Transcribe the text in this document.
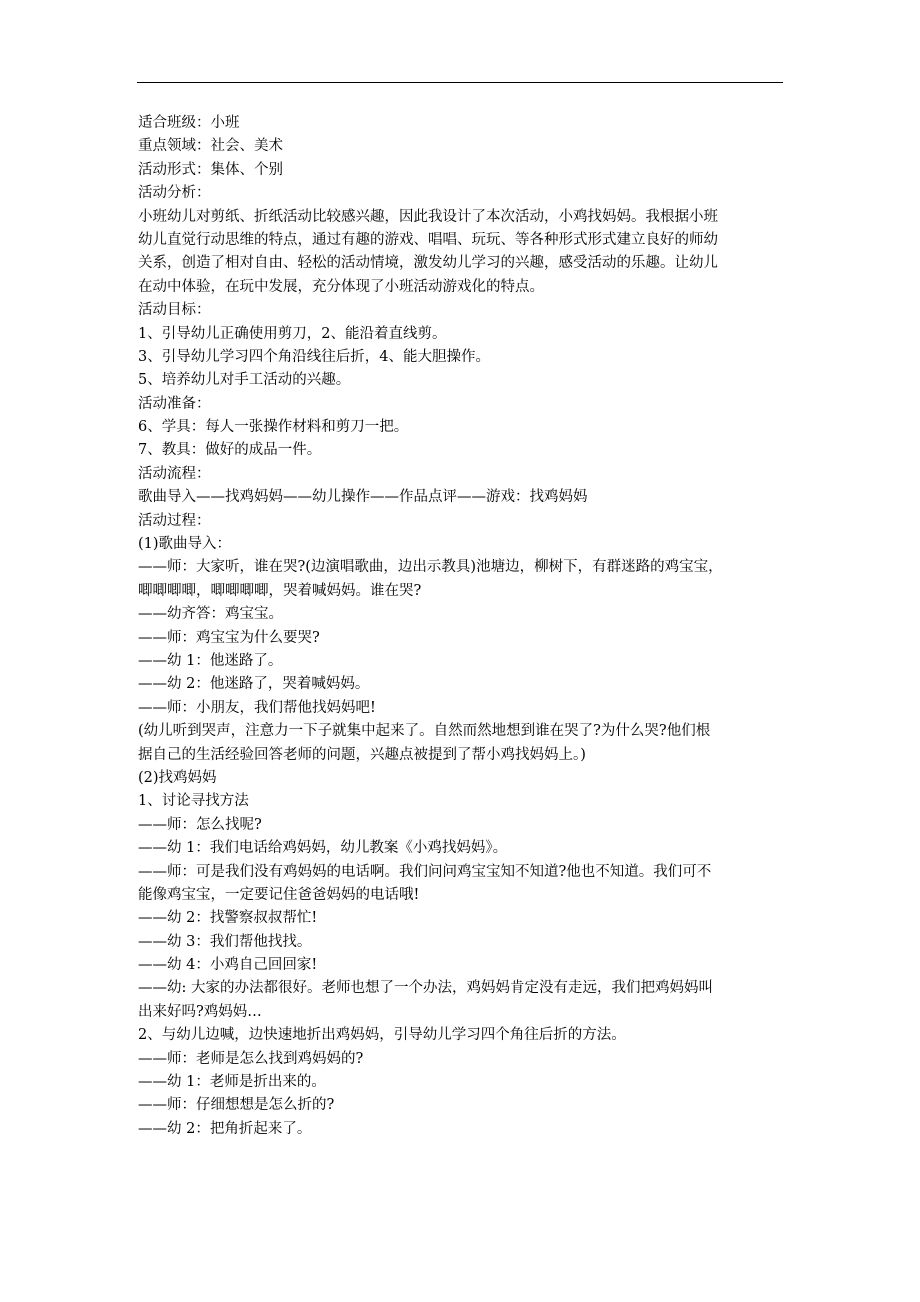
适合班级：小班
重点领域：社会、美术
活动形式：集体、个别
活动分析：
小班幼儿对剪纸、折纸活动比较感兴趣，因此我设计了本次活动，小鸡找妈妈。我根据小班
幼儿直觉行动思维的特点，通过有趣的游戏、唱唱、玩玩、等各种形式形式建立良好的师幼
关系，创造了相对自由、轻松的活动情境，激发幼儿学习的兴趣，感受活动的乐趣。让幼儿
在动中体验，在玩中发展，充分体现了小班活动游戏化的特点。
活动目标：
1、引导幼儿正确使用剪刀，2、能沿着直线剪。
3、引导幼儿学习四个角沿线往后折，4、能大胆操作。
5、培养幼儿对手工活动的兴趣。
活动准备：
6、学具：每人一张操作材料和剪刀一把。
7、教具：做好的成品一件。
活动流程：
歌曲导入——找鸡妈妈——幼儿操作——作品点评——游戏：找鸡妈妈
活动过程：
(1)歌曲导入：
——师：大家听，谁在哭?(边演唱歌曲，边出示教具)池塘边，柳树下，有群迷路的鸡宝宝，
唧唧唧唧，唧唧唧唧，哭着喊妈妈。谁在哭?
——幼齐答：鸡宝宝。
——师：鸡宝宝为什么要哭?
——幼 1：他迷路了。
——幼 2：他迷路了，哭着喊妈妈。
——师：小朋友，我们帮他找妈妈吧!
(幼儿听到哭声，注意力一下子就集中起来了。自然而然地想到谁在哭了?为什么哭?他们根
据自己的生活经验回答老师的问题，兴趣点被提到了帮小鸡找妈妈上。)
(2)找鸡妈妈
1、讨论寻找方法
——师：怎么找呢?
——幼 1：我们电话给鸡妈妈，幼儿教案《小鸡找妈妈》。
——师：可是我们没有鸡妈妈的电话啊。我们问问鸡宝宝知不知道?他也不知道。我们可不
能像鸡宝宝，一定要记住爸爸妈妈的电话哦!
——幼 2：找警察叔叔帮忙!
——幼 3：我们帮他找找。
——幼 4：小鸡自己回回家!
——幼: 大家的办法都很好。老师也想了一个办法，鸡妈妈肯定没有走远，我们把鸡妈妈叫
出来好吗?鸡妈妈…
2、与幼儿边喊，边快速地折出鸡妈妈，引导幼儿学习四个角往后折的方法。
——师：老师是怎么找到鸡妈妈的?
——幼 1：老师是折出来的。
——师：仔细想想是怎么折的?
——幼 2：把角折起来了。
